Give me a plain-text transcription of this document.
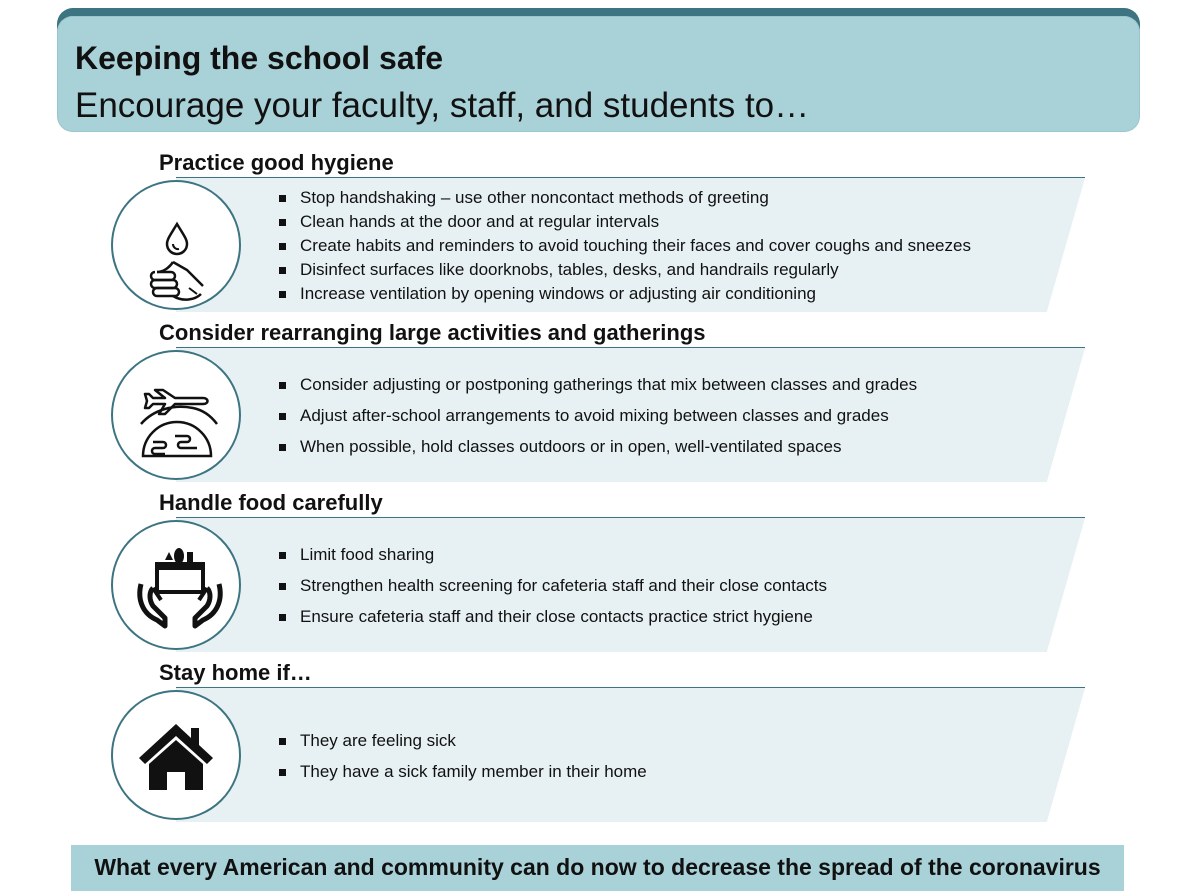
Keeping the school safe
Encourage your faculty, staff, and students to…
Practice good hygiene
Stop handshaking – use other noncontact methods of greeting
Clean hands at the door and at regular intervals
Create habits and reminders to avoid touching their faces and cover coughs and sneezes
Disinfect surfaces like doorknobs, tables, desks, and handrails regularly
Increase ventilation by opening windows or adjusting air conditioning
Consider rearranging large activities and gatherings
Consider adjusting or postponing gatherings that mix between classes and grades
Adjust after-school arrangements to avoid mixing between classes and grades
When possible, hold classes outdoors or in open, well-ventilated spaces
Handle food carefully
Limit food sharing
Strengthen health screening for cafeteria staff and their close contacts
Ensure cafeteria staff and their close contacts practice strict hygiene
Stay home if…
They are feeling sick
They have a sick family member in their home
What every American and community can do now to decrease the spread of the coronavirus
